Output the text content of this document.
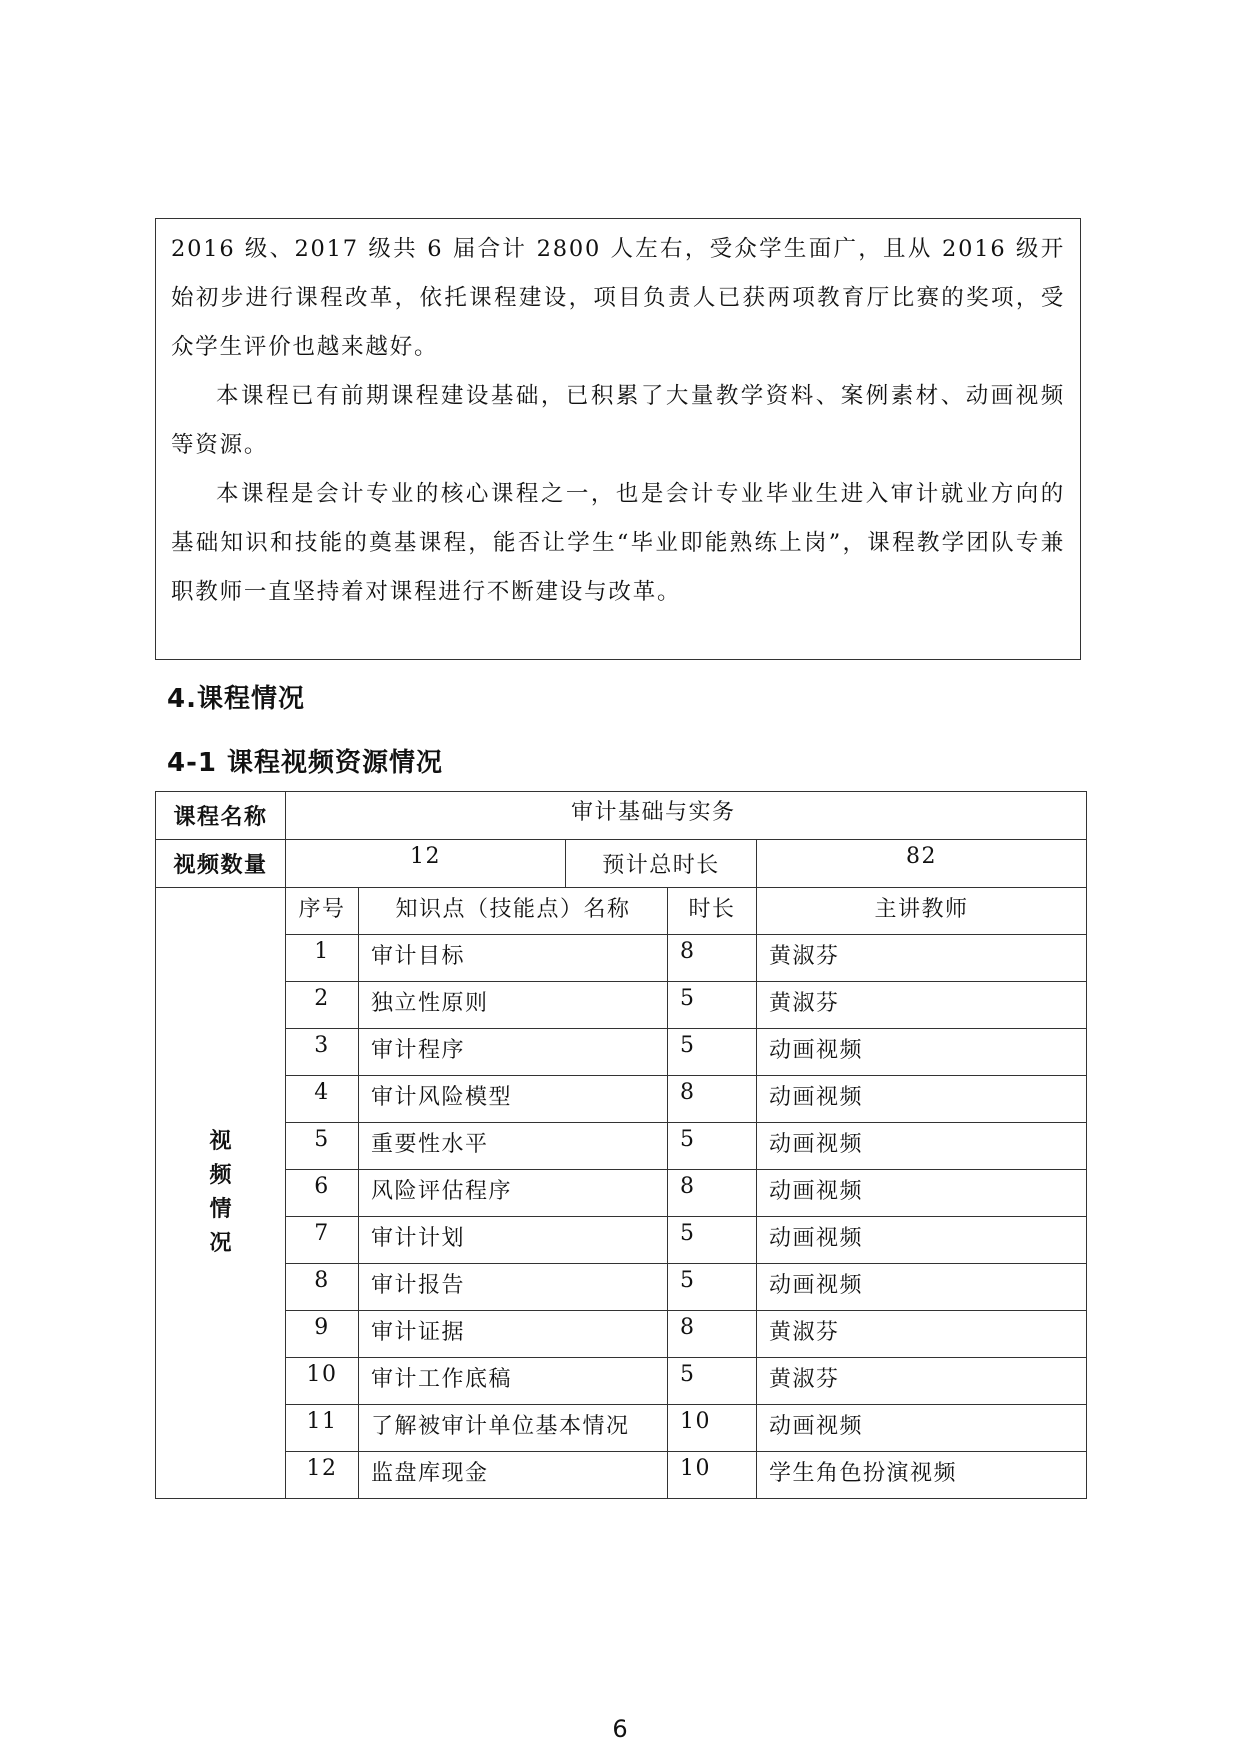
2016 级、2017 级共 6 届合计 2800 人左右，受众学生面广，且从 2016 级开始初步进行课程改革，依托课程建设，项目负责人已获两项教育厅比赛的奖项，受众学生评价也越来越好。

本课程已有前期课程建设基础，已积累了大量教学资料、案例素材、动画视频等资源。

本课程是会计专业的核心课程之一，也是会计专业毕业生进入审计就业方向的基础知识和技能的奠基课程，能否让学生“毕业即能熟练上岗”，课程教学团队专兼职教师一直坚持着对课程进行不断建设与改革。

4.课程情况
4-1 课程视频资源情况
课程名称	审计基础与实务				
视频数量	12		预计总时长		82

视
频
情
况	序号	知识点（技能点）名称		时长	主讲教师
	1	审计目标		8	黄淑芬
	2	独立性原则		5	黄淑芬
	3	审计程序		5	动画视频
	4	审计风险模型		8	动画视频
	5	重要性水平		5	动画视频
	6	风险评估程序		8	动画视频
	7	审计计划		5	动画视频
	8	审计报告		5	动画视频
	9	审计证据		8	黄淑芬
	10	审计工作底稿		5	黄淑芬
	11	了解被审计单位基本情况		10	动画视频
	12	监盘库现金		10	学生角色扮演视频
6
